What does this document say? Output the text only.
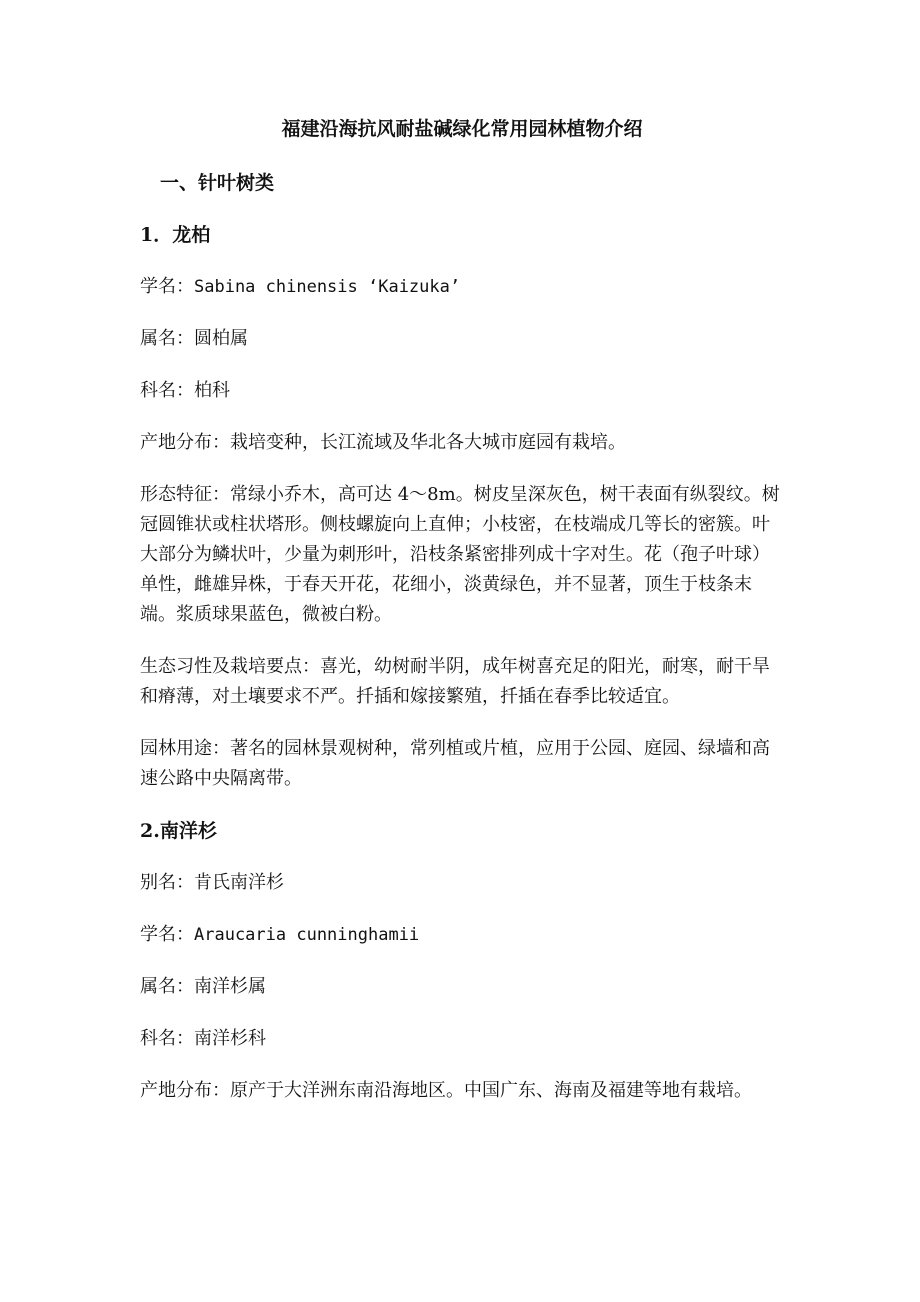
福建沿海抗风耐盐碱绿化常用园林植物介绍
一、针叶树类
1．龙柏
学名：Sabina chinensis ‘Kaizuka’
属名：圆柏属
科名：柏科
产地分布：栽培变种，长江流域及华北各大城市庭园有栽培。
形态特征：常绿小乔木，高可达 4～8m。树皮呈深灰色，树干表面有纵裂纹。树冠圆锥状或柱状塔形。侧枝螺旋向上直伸；小枝密，在枝端成几等长的密簇。叶大部分为鳞状叶，少量为刺形叶，沿枝条紧密排列成十字对生。花（孢子叶球）单性，雌雄异株，于春天开花，花细小，淡黄绿色，并不显著，顶生于枝条末端。浆质球果蓝色，微被白粉。
生态习性及栽培要点：喜光，幼树耐半阴，成年树喜充足的阳光，耐寒，耐干旱和瘠薄，对土壤要求不严。扦插和嫁接繁殖，扦插在春季比较适宜。
园林用途：著名的园林景观树种，常列植或片植，应用于公园、庭园、绿墙和高速公路中央隔离带。
2.南洋杉
别名：肯氏南洋杉
学名：Araucaria cunninghamii
属名：南洋杉属
科名：南洋杉科
产地分布：原产于大洋洲东南沿海地区。中国广东、海南及福建等地有栽培。
